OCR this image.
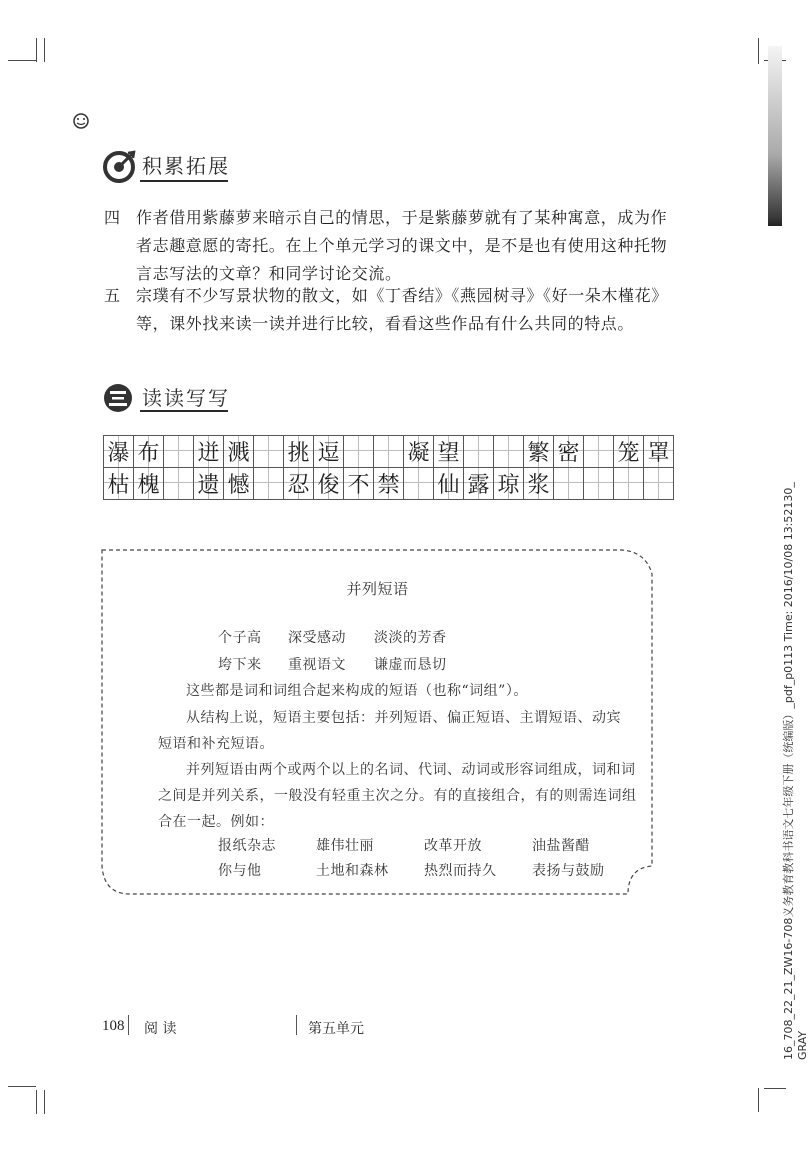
积累拓展
四 作者借用紫藤萝来暗示自己的情思，于是紫藤萝就有了某种寓意，成为作
者志趣意愿的寄托。在上个单元学习的课文中，是不是也有使用这种托物
言志写法的文章？和同学讨论交流。
五 宗璞有不少写景状物的散文，如《丁香结》《燕园树寻》《好一朵木槿花》
等，课外找来读一读并进行比较，看看这些作品有什么共同的特点。
读读写写
瀑	布		迸	溅		挑	逗			凝	望			繁	密		笼	罩
枯	槐		遗	憾		忍	俊	不	禁		仙	露	琼	浆				
并列短语
个子高 深受感动 淡淡的芳香
垮下来 重视语文 谦虚而恳切
这些都是词和词组合起来构成的短语（也称“词组”）。
从结构上说，短语主要包括：并列短语、偏正短语、主谓短语、动宾
短语和补充短语。
并列短语由两个或两个以上的名词、代词、动词或形容词组成，词和词
之间是并列关系，一般没有轻重主次之分。有的直接组合，有的则需连词组
合在一起。例如：
报纸杂志	雄伟壮丽	改革开放	油盐酱醋
你与他	土地和森林	热烈而持久	表扬与鼓励
108 阅 读	第五单元	16_708_22_21_ZW16-708义务教育教科书语文七年级下册（统编版）_pdf_p0113 Time: 2016/10/08 13:52130_ GRAY
